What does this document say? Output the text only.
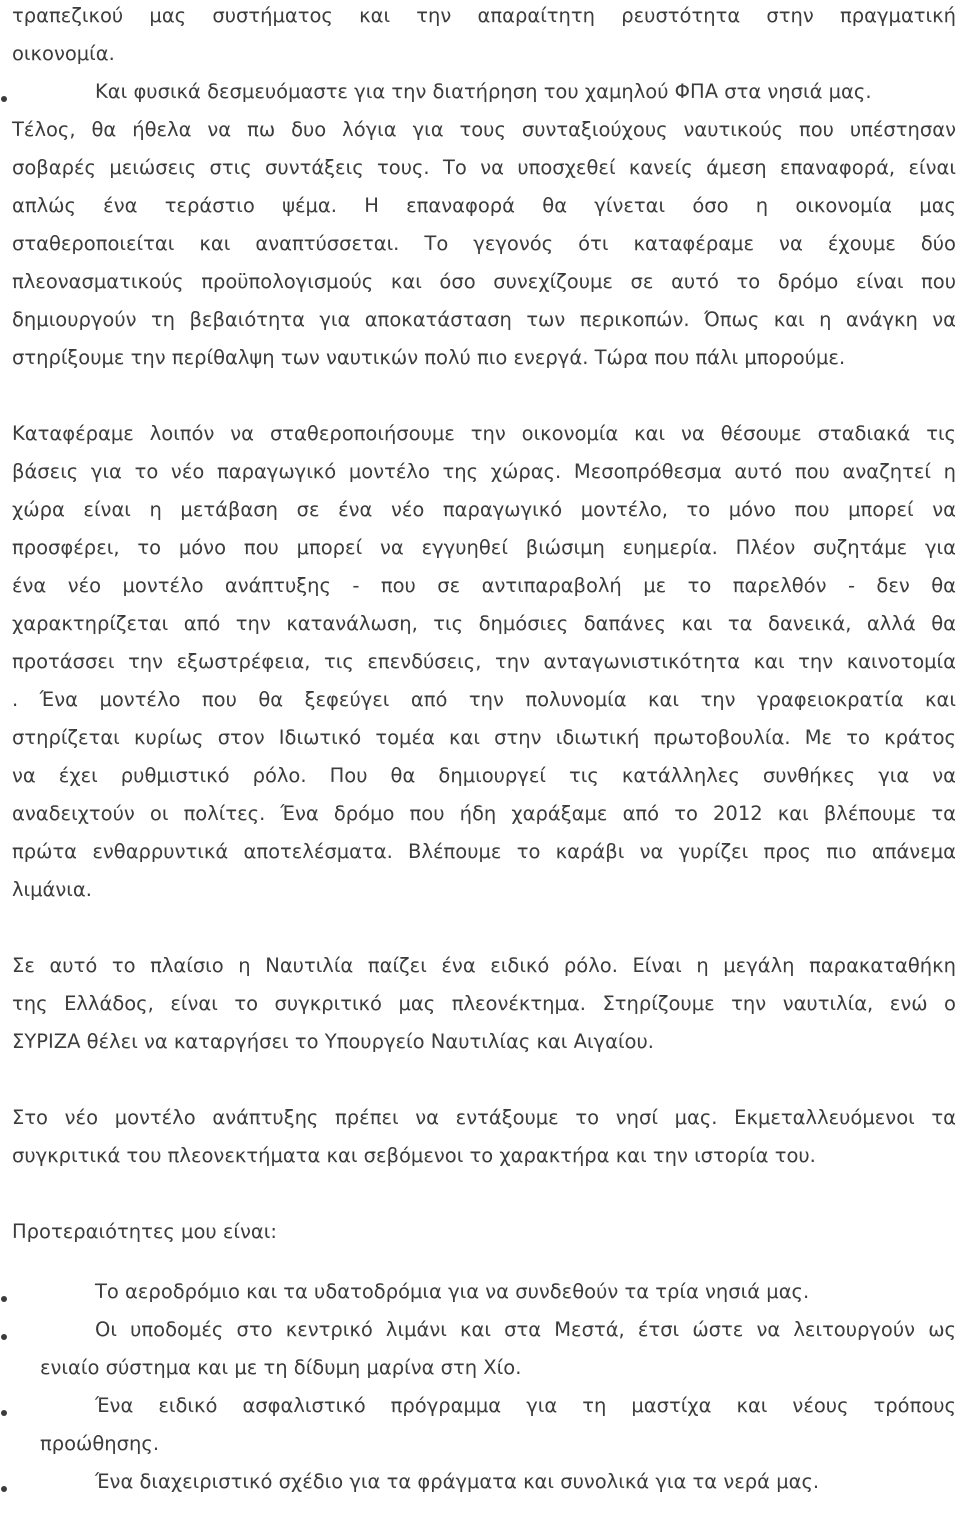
τραπεζικού μας συστήματος και την απαραίτητη ρευστότητα στην πραγματική

οικονομία.

Και φυσικά δεσμευόμαστε για την διατήρηση του χαμηλού ΦΠΑ στα νησιά μας.

Τέλος, θα ήθελα να πω δυο λόγια για τους συνταξιούχους ναυτικούς που υπέστησαν

σοβαρές μειώσεις στις συντάξεις τους. Το να υποσχεθεί κανείς άμεση επαναφορά, είναι

απλώς ένα τεράστιο ψέμα. Η επαναφορά θα γίνεται όσο η οικονομία μας

σταθεροποιείται και αναπτύσσεται. Το γεγονός ότι καταφέραμε να έχουμε δύο

πλεονασματικούς προϋπολογισμούς και όσο συνεχίζουμε σε αυτό το δρόμο είναι που

δημιουργούν τη βεβαιότητα για αποκατάσταση των περικοπών. Όπως και η ανάγκη να

στηρίξουμε την περίθαλψη των ναυτικών πολύ πιο ενεργά. Τώρα που πάλι μπορούμε.

Καταφέραμε λοιπόν να σταθεροποιήσουμε την οικονομία και να θέσουμε σταδιακά τις

βάσεις για το νέο παραγωγικό μοντέλο της χώρας. Μεσοπρόθεσμα αυτό που αναζητεί η

χώρα είναι η μετάβαση σε ένα νέο παραγωγικό μοντέλο, το μόνο που μπορεί να

προσφέρει, το μόνο που μπορεί να εγγυηθεί βιώσιμη ευημερία. Πλέον συζητάμε για

ένα νέο μοντέλο ανάπτυξης - που σε αντιπαραβολή με το παρελθόν - δεν θα

χαρακτηρίζεται από την κατανάλωση, τις δημόσιες δαπάνες και τα δανεικά, αλλά θα

προτάσσει την εξωστρέφεια, τις επενδύσεις, την ανταγωνιστικότητα και την καινοτομία

. Ένα μοντέλο που θα ξεφεύγει από την πολυνομία και την γραφειοκρατία και

στηρίζεται κυρίως στον Ιδιωτικό τομέα και στην ιδιωτική πρωτοβουλία. Με το κράτος

να έχει ρυθμιστικό ρόλο. Που θα δημιουργεί τις κατάλληλες συνθήκες για να

αναδειχτούν οι πολίτες. Ένα δρόμο που ήδη χαράξαμε από το 2012 και βλέπουμε τα

πρώτα ενθαρρυντικά αποτελέσματα. Βλέπουμε το καράβι να γυρίζει προς πιο απάνεμα

λιμάνια.

Σε αυτό το πλαίσιο η Ναυτιλία παίζει ένα ειδικό ρόλο. Είναι η μεγάλη παρακαταθήκη

της Ελλάδος, είναι το συγκριτικό μας πλεονέκτημα. Στηρίζουμε την ναυτιλία, ενώ ο

ΣΥΡΙΖΑ θέλει να καταργήσει το Υπουργείο Ναυτιλίας και Αιγαίου.

Στο νέο μοντέλο ανάπτυξης πρέπει να εντάξουμε το νησί μας. Εκμεταλλευόμενοι τα

συγκριτικά του πλεονεκτήματα και σεβόμενοι το χαρακτήρα και την ιστορία του.

Προτεραιότητες μου είναι:

Το αεροδρόμιο και τα υδατοδρόμια για να συνδεθούν τα τρία νησιά μας.

Οι υποδομές στο κεντρικό λιμάνι και στα Μεστά, έτσι ώστε να λειτουργούν ως

ενιαίο σύστημα και με τη δίδυμη μαρίνα στη Χίο.

Ένα ειδικό ασφαλιστικό πρόγραμμα για τη μαστίχα και νέους τρόπους

προώθησης.

Ένα διαχειριστικό σχέδιο για τα φράγματα και συνολικά για τα νερά μας.
